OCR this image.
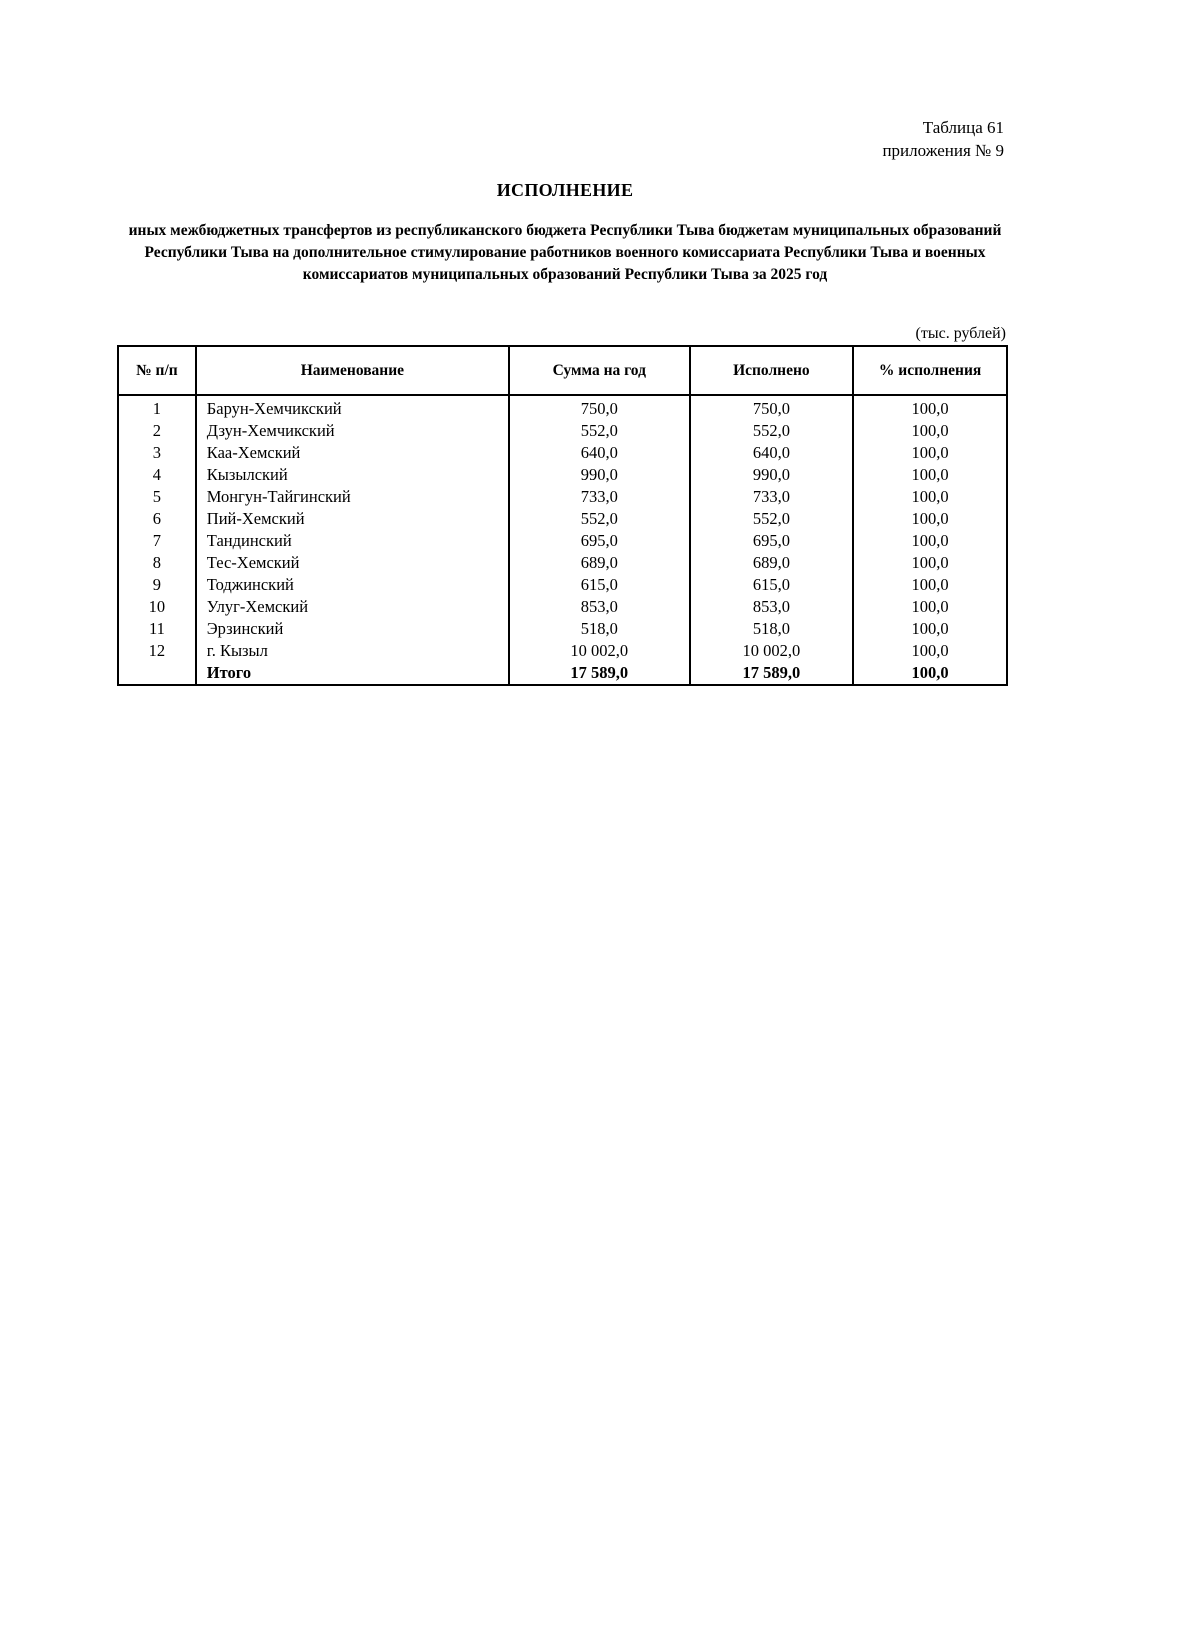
Таблица 61
приложения № 9
ИСПОЛНЕНИЕ
иных межбюджетных трансфертов из республиканского бюджета Республики Тыва бюджетам муниципальных образований Республики Тыва на дополнительное стимулирование работников военного комиссариата Республики Тыва и военных комиссариатов муниципальных образований Республики Тыва за 2025 год
(тыс. рублей)
№ п/п	Наименование	Сумма на год	Исполнено	% исполнения
1	Барун-Хемчикский	750,0	750,0	100,0
2	Дзун-Хемчикский	552,0	552,0	100,0
3	Каа-Хемский	640,0	640,0	100,0
4	Кызылский	990,0	990,0	100,0
5	Монгун-Тайгинский	733,0	733,0	100,0
6	Пий-Хемский	552,0	552,0	100,0
7	Тандинский	695,0	695,0	100,0
8	Тес-Хемский	689,0	689,0	100,0
9	Тоджинский	615,0	615,0	100,0
10	Улуг-Хемский	853,0	853,0	100,0
11	Эрзинский	518,0	518,0	100,0
12	г. Кызыл	10 002,0	10 002,0	100,0
	Итого	17 589,0	17 589,0	100,0
